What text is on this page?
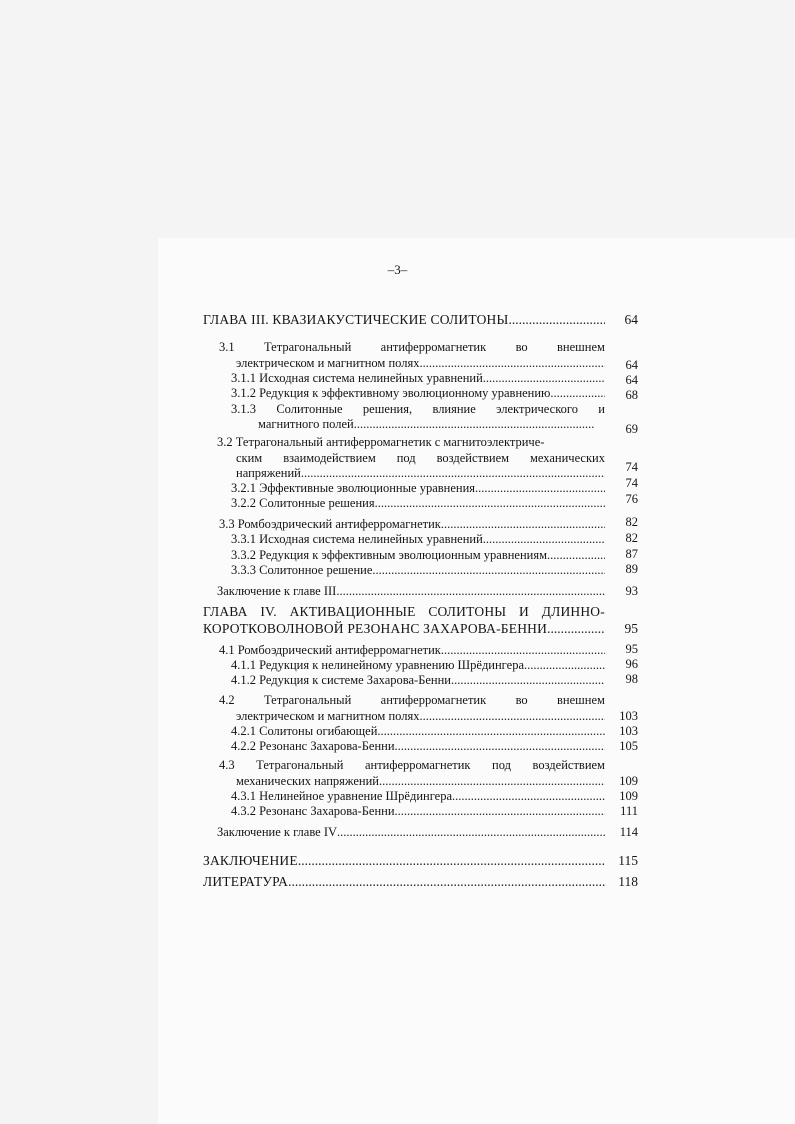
–3–
ГЛАВА III. КВАЗИАКУСТИЧЕСКИЕ СОЛИТОНЫ .....	64
3.1 Тетрагональный антиферромагнетик во внешнем
электрическом и магнитном полях .....	64
3.1.1 Исходная система нелинейных уравнений .....	64
3.1.2 Редукция к эффективному эволюционному уравнению .....	68
3.1.3 Солитонные решения, влияние электрического и
магнитного полей .....	69
3.2 Тетрагональный антиферромагнетик с магнитоэлектриче-
ским взаимодействием под воздействием механических
напряжений .....	74
3.2.1 Эффективные эволюционные уравнения .....	74
3.2.2 Солитонные решения .....	76
3.3 Ромбоэдрический антиферромагнетик .....	82
3.3.1 Исходная система нелинейных уравнений .....	82
3.3.2 Редукция к эффективным эволюционным уравнениям .....	87
3.3.3 Солитонное решение .....	89
Заключение к главе III .....	93
ГЛАВА IV. АКТИВАЦИОННЫЕ СОЛИТОНЫ И ДЛИННО-
КОРОТКОВОЛНОВОЙ РЕЗОНАНС ЗАХАРОВА-БЕННИ .....	95
4.1 Ромбоэдрический антиферромагнетик .....	95
4.1.1 Редукция к нелинейному уравнению Шрёдингера .....	96
4.1.2 Редукция к системе Захарова-Бенни .....	98
4.2 Тетрагональный антиферромагнетик во внешнем
электрическом и магнитном полях .....	103
4.2.1 Солитоны огибающей .....	103
4.2.2 Резонанс Захарова-Бенни .....	105
4.3 Тетрагональный антиферромагнетик под воздействием
механических напряжений .....	109
4.3.1 Нелинейное уравнение Шрёдингера .....	109
4.3.2 Резонанс Захарова-Бенни .....	111
Заключение к главе IV .....	114
ЗАКЛЮЧЕНИЕ .....	115
ЛИТЕРАТУРА .....	118
